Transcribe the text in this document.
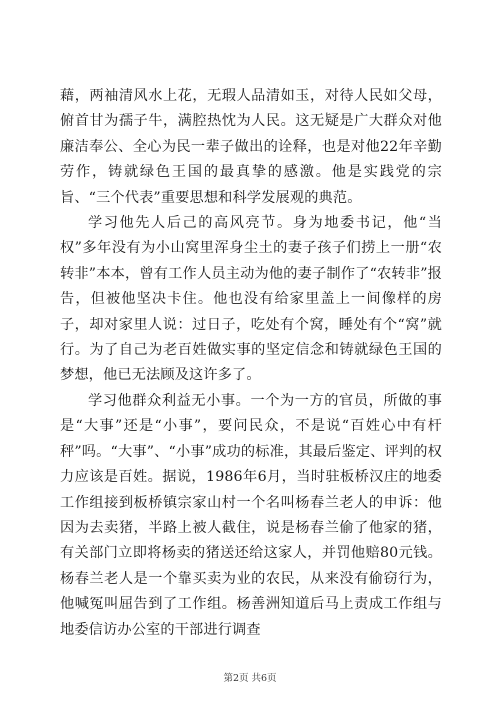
藉，两袖清风水上花，无瑕人品清如玉，对待人民如父母，俯首甘为孺子牛，满腔热忱为人民。这无疑是广大群众对他廉洁奉公、全心为民一辈子做出的诠释，也是对他22年辛勤劳作，铸就绿色王国的最真挚的感激。他是实践党的宗旨、“三个代表”重要思想和科学发展观的典范。

学习他先人后己的高风亮节。身为地委书记，他“当权”多年没有为小山窝里浑身尘土的妻子孩子们捞上一册“农转非”本本，曾有工作人员主动为他的妻子制作了“农转非”报告，但被他坚决卡住。他也没有给家里盖上一间像样的房子，却对家里人说：过日子，吃处有个窝，睡处有个“窝”就行。为了自己为老百姓做实事的坚定信念和铸就绿色王国的梦想，他已无法顾及这许多了。

学习他群众利益无小事。一个为一方的官员，所做的事是“大事”还是“小事”，要问民众，不是说“百姓心中有杆秤”吗。“大事”、“小事”成功的标准，其最后鉴定、评判的权力应该是百姓。据说，1986年6月，当时驻板桥汉庄的地委工作组接到板桥镇宗家山村一个名叫杨春兰老人的申诉：他因为去卖猪，半路上被人截住，说是杨春兰偷了他家的猪，有关部门立即将杨卖的猪送还给这家人，并罚他赔80元钱。杨春兰老人是一个靠买卖为业的农民，从来没有偷窃行为，他喊冤叫屈告到了工作组。杨善洲知道后马上责成工作组与地委信访办公室的干部进行调查

第2页 共6页
